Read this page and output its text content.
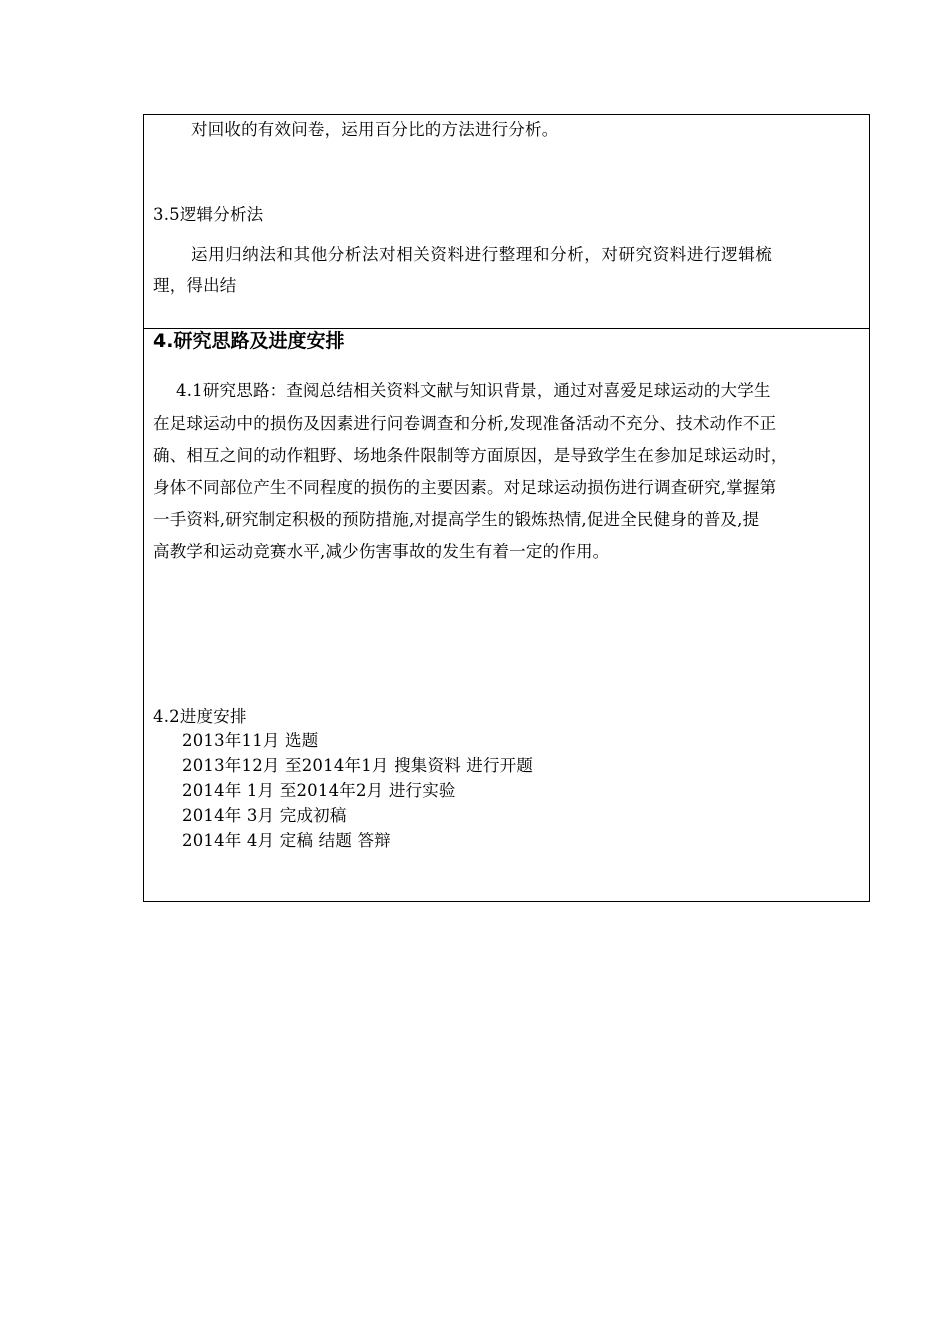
对回收的有效问卷，运用百分比的方法进行分析。
3.5逻辑分析法
运用归纳法和其他分析法对相关资料进行整理和分析，对研究资料进行逻辑梳
理，得出结
4.研究思路及进度安排
4.1研究思路：查阅总结相关资料文献与知识背景，通过对喜爱足球运动的大学生
在足球运动中的损伤及因素进行问卷调查和分析,发现准备活动不充分、技术动作不正
确、相互之间的动作粗野、场地条件限制等方面原因，是导致学生在参加足球运动时，
身体不同部位产生不同程度的损伤的主要因素。对足球运动损伤进行调查研究,掌握第
一手资料,研究制定积极的预防措施,对提高学生的锻炼热情,促进全民健身的普及,提
高教学和运动竞赛水平,减少伤害事故的发生有着一定的作用。
4.2进度安排
2013年11月 选题
2013年12月 至2014年1月 搜集资料 进行开题
2014年 1月 至2014年2月 进行实验
2014年 3月 完成初稿
2014年 4月 定稿 结题 答辩
